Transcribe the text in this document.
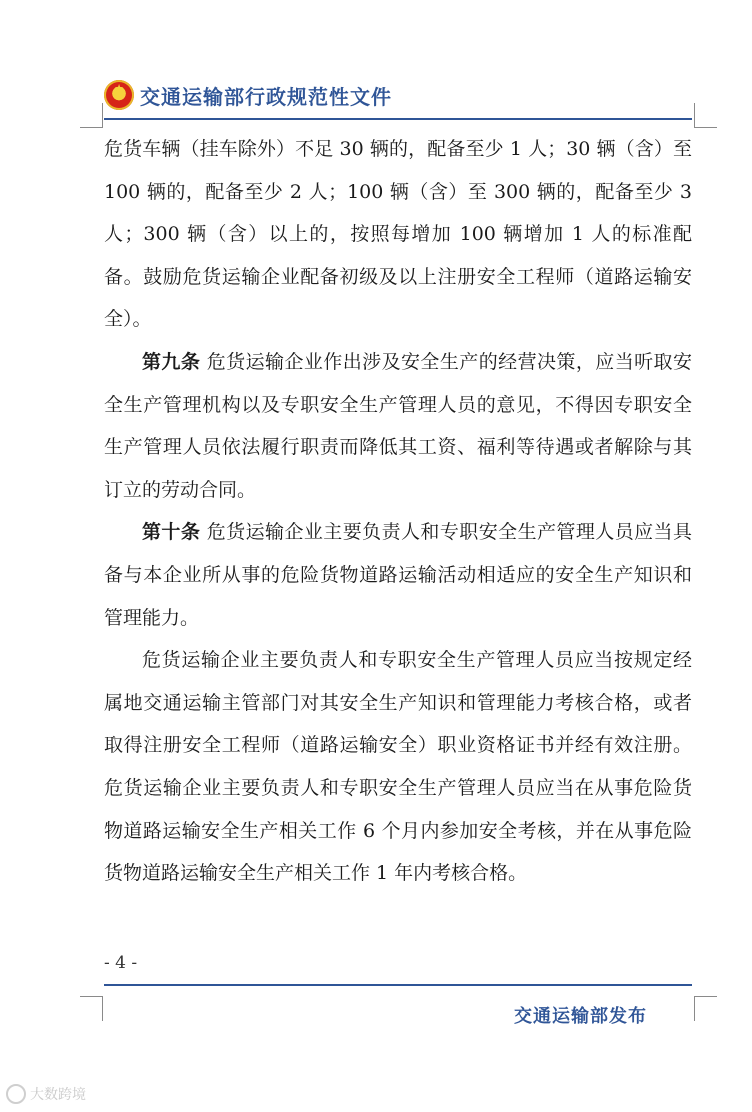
★
交通运输部行政规范性文件

危货车辆（挂车除外）不足 30 辆的，配备至少 1 人；30 辆（含）至 100 辆的，配备至少 2 人；100 辆（含）至 300 辆的，配备至少 3 人；300 辆（含）以上的，按照每增加 100 辆增加 1 人的标准配备。鼓励危货运输企业配备初级及以上注册安全工程师（道路运输安全）。

第九条 危货运输企业作出涉及安全生产的经营决策，应当听取安全生产管理机构以及专职安全生产管理人员的意见，不得因专职安全生产管理人员依法履行职责而降低其工资、福利等待遇或者解除与其订立的劳动合同。

第十条 危货运输企业主要负责人和专职安全生产管理人员应当具备与本企业所从事的危险货物道路运输活动相适应的安全生产知识和管理能力。

危货运输企业主要负责人和专职安全生产管理人员应当按规定经属地交通运输主管部门对其安全生产知识和管理能力考核合格，或者取得注册安全工程师（道路运输安全）职业资格证书并经有效注册。危货运输企业主要负责人和专职安全生产管理人员应当在从事危险货物道路运输安全生产相关工作 6 个月内参加安全考核，并在从事危险货物道路运输安全生产相关工作 1 年内考核合格。

- 4 -
交通运输部发布
大数跨境
